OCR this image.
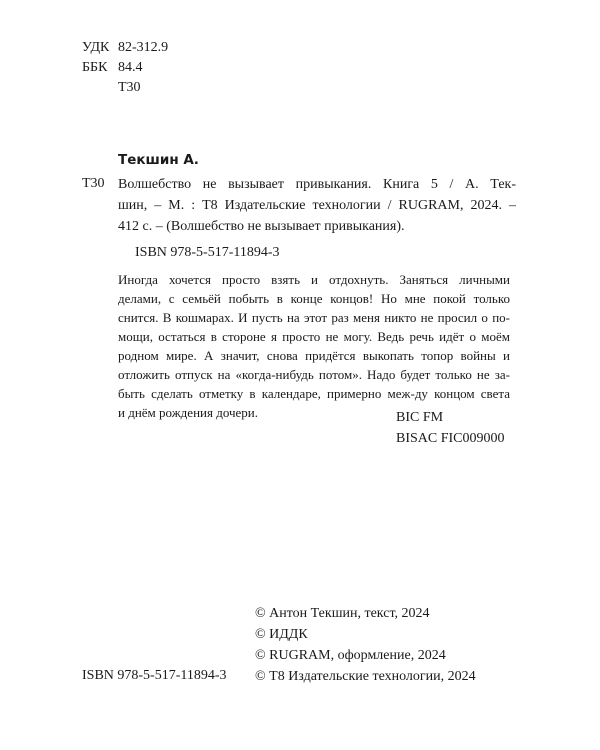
УДК 82-312.9
ББК 84.4
Т30
Текшин А.
Т30 Волшебство не вызывает привыкания. Книга 5 / А. Тек-
шин, – М. : Т8 Издательские технологии / RUGRAM, 2024. –
412 с. – (Волшебство не вызывает привыкания).
ISBN 978-5-517-11894-3
Иногда хочется просто взять и отдохнуть. Заняться личными
делами, с семьёй побыть в конце концов! Но мне покой только
снится. В кошмарах. И пусть на этот раз меня никто не просил о по-
мощи, остаться в стороне я просто не могу. Ведь речь идёт о моём
родном мире. А значит, снова придётся выкопать топор войны и
отложить отпуск на «когда-нибудь потом». Надо будет только не за-
быть сделать отметку в календаре, примерно меж-ду концом света
и днём рождения дочери.	BIC FM
BISAC FIC009000
© Антон Текшин, текст, 2024
© ИДДК
© RUGRAM, оформление, 2024
© Т8 Издательские технологии, 2024
ISBN 978-5-517-11894-3
